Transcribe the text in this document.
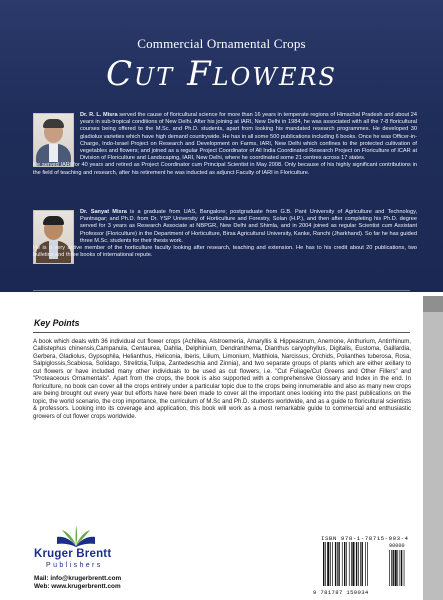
Commercial Ornamental Crops
Cut Flowers
Dr. R. L. Misra served the cause of floricultural science for more than 16 years in temperate regions of Himachal Pradesh and about 24 years in sub-tropical conditions of New Delhi. After his joining at IARI, New Delhi in 1984, he was associated with all the 7-8 floricultural courses being offered to the M.Sc. and Ph.D. students, apart from looking his mandated research programmes. He developed 30 gladiolus varieties which have high demand countrywide. He has in all some 500 publications including 6 books. Once he was Officer-in-Charge, Indo-Israel Project on Research and Development on Farms, IARI, New Delhi which confines to the protected cultivation of vegetables and flowers; and joined as a regular Project Coordinator of All India Coordinated Research Project on Floriculture of ICAR at Division of Floriculture and Landscaping, IARI, New Delhi, where he coordinated some 21 centres across 17 states.
He served IARI for 40 years and retired as Project Coordinator cum Principal Scientist in May 2008. Only because of his highly significant contributions in the field of teaching and research, after his retirement he was inducted as adjunct Faculty of IARI in Floriculture.
Dr. Sanyat Misra is a graduate from UAS, Bangalore; postgraduate from G.B. Pant University of Agriculture and Technology, Pantnagar; and Ph.D. from Dr. YSP University of Horticulture and Forestry, Solan (H.P.), and then after completing his Ph.D. degree served for 3 years as Research Associate at NBPGR, New Delhi and Shimla, and in 2004 joined as regular Scientist cum Assistant Professor (Floriculture) in the Department of Horticulture, Birsa Agricultural University, Kanke, Ranchi (Jharkhand). So far he has guided three M.Sc. students for their thesis work.
He is a very active member of the horticulture faculty looking after research, teaching and extension. He has to his credit about 20 publications, two bulletins and three books of international repute.
Key Points
A book which deals with 36 individual cut flower crops (Achillea, Alstroemeria, Amaryllis & Hippeastrum, Anemone, Anthurium, Antirrhinum, Callistephus chinensis,Campanula, Centaurea, Dahlia, Delphinium, Dendranthema, Dianthus caryophyllus, Digitalis, Eustoma, Gaillardia, Gerbera, Gladiolus, Gypsophila, Helianthus, Heliconia, Iberis, Lilium, Limonium, Matthiola, Narcissus, Orchids, Polianthes tuberosa, Rosa, Salpiglossis,Scabiosa, Solidago, Strelitzia,Tulipa, Zantedeschia and Zinnia), and two separate groups of plants which are either axillary to cut flowers or have included many other individuals to be used as cut flowers, i.e. "Cut Foliage/Cut Greens and Other Fillers" and "Proteaceous Ornamentals". Apart from the crops, the book is also supported with a comprehensive Glossary and Index in the end. In floriculture, no book can cover all the crops entirely under a particular topic due to the crops being innumerable and also as many new crops are being brought out every year but efforts have here been made to cover all the important ones looking into the past publications on the topic, the world scenario, the crop importance, the curriculum of M.Sc and Ph.D. students worldwide, and as a guide to floricultural scientists & professors. Looking into its coverage and application, this book will work as a most remarkable guide to commercial and enthusiastic growers of cut flower crops worldwide.
Kruger Brentt
Publishers
Mail: info@krugerbrentt.com
Web: www.krugerbrentt.com
ISBN 978-1-78715-003-4
90000
9 781787 150034
